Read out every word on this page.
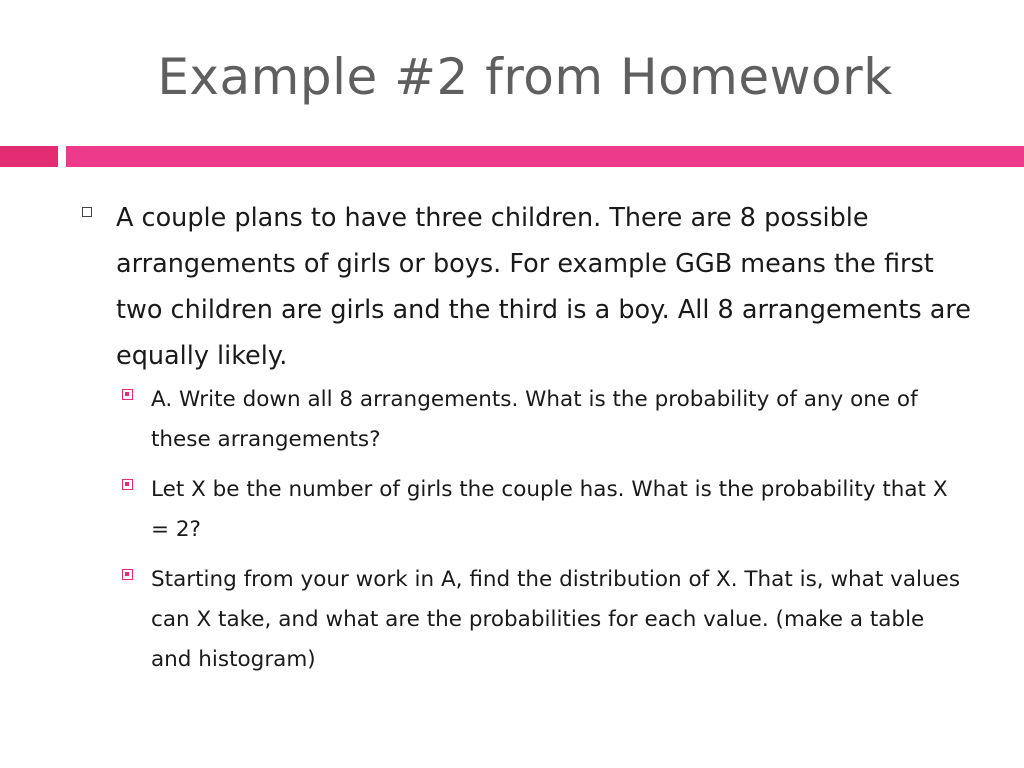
Example #2 from Homework
A couple plans to have three children. There are 8 possible arrangements of girls or boys. For example GGB means the first two children are girls and the third is a boy. All 8 arrangements are equally likely.
A. Write down all 8 arrangements. What is the probability of any one of these arrangements?
Let X be the number of girls the couple has. What is the probability that X = 2?
Starting from your work in A, find the distribution of X. That is, what values can X take, and what are the probabilities for each value. (make a table and histogram)
